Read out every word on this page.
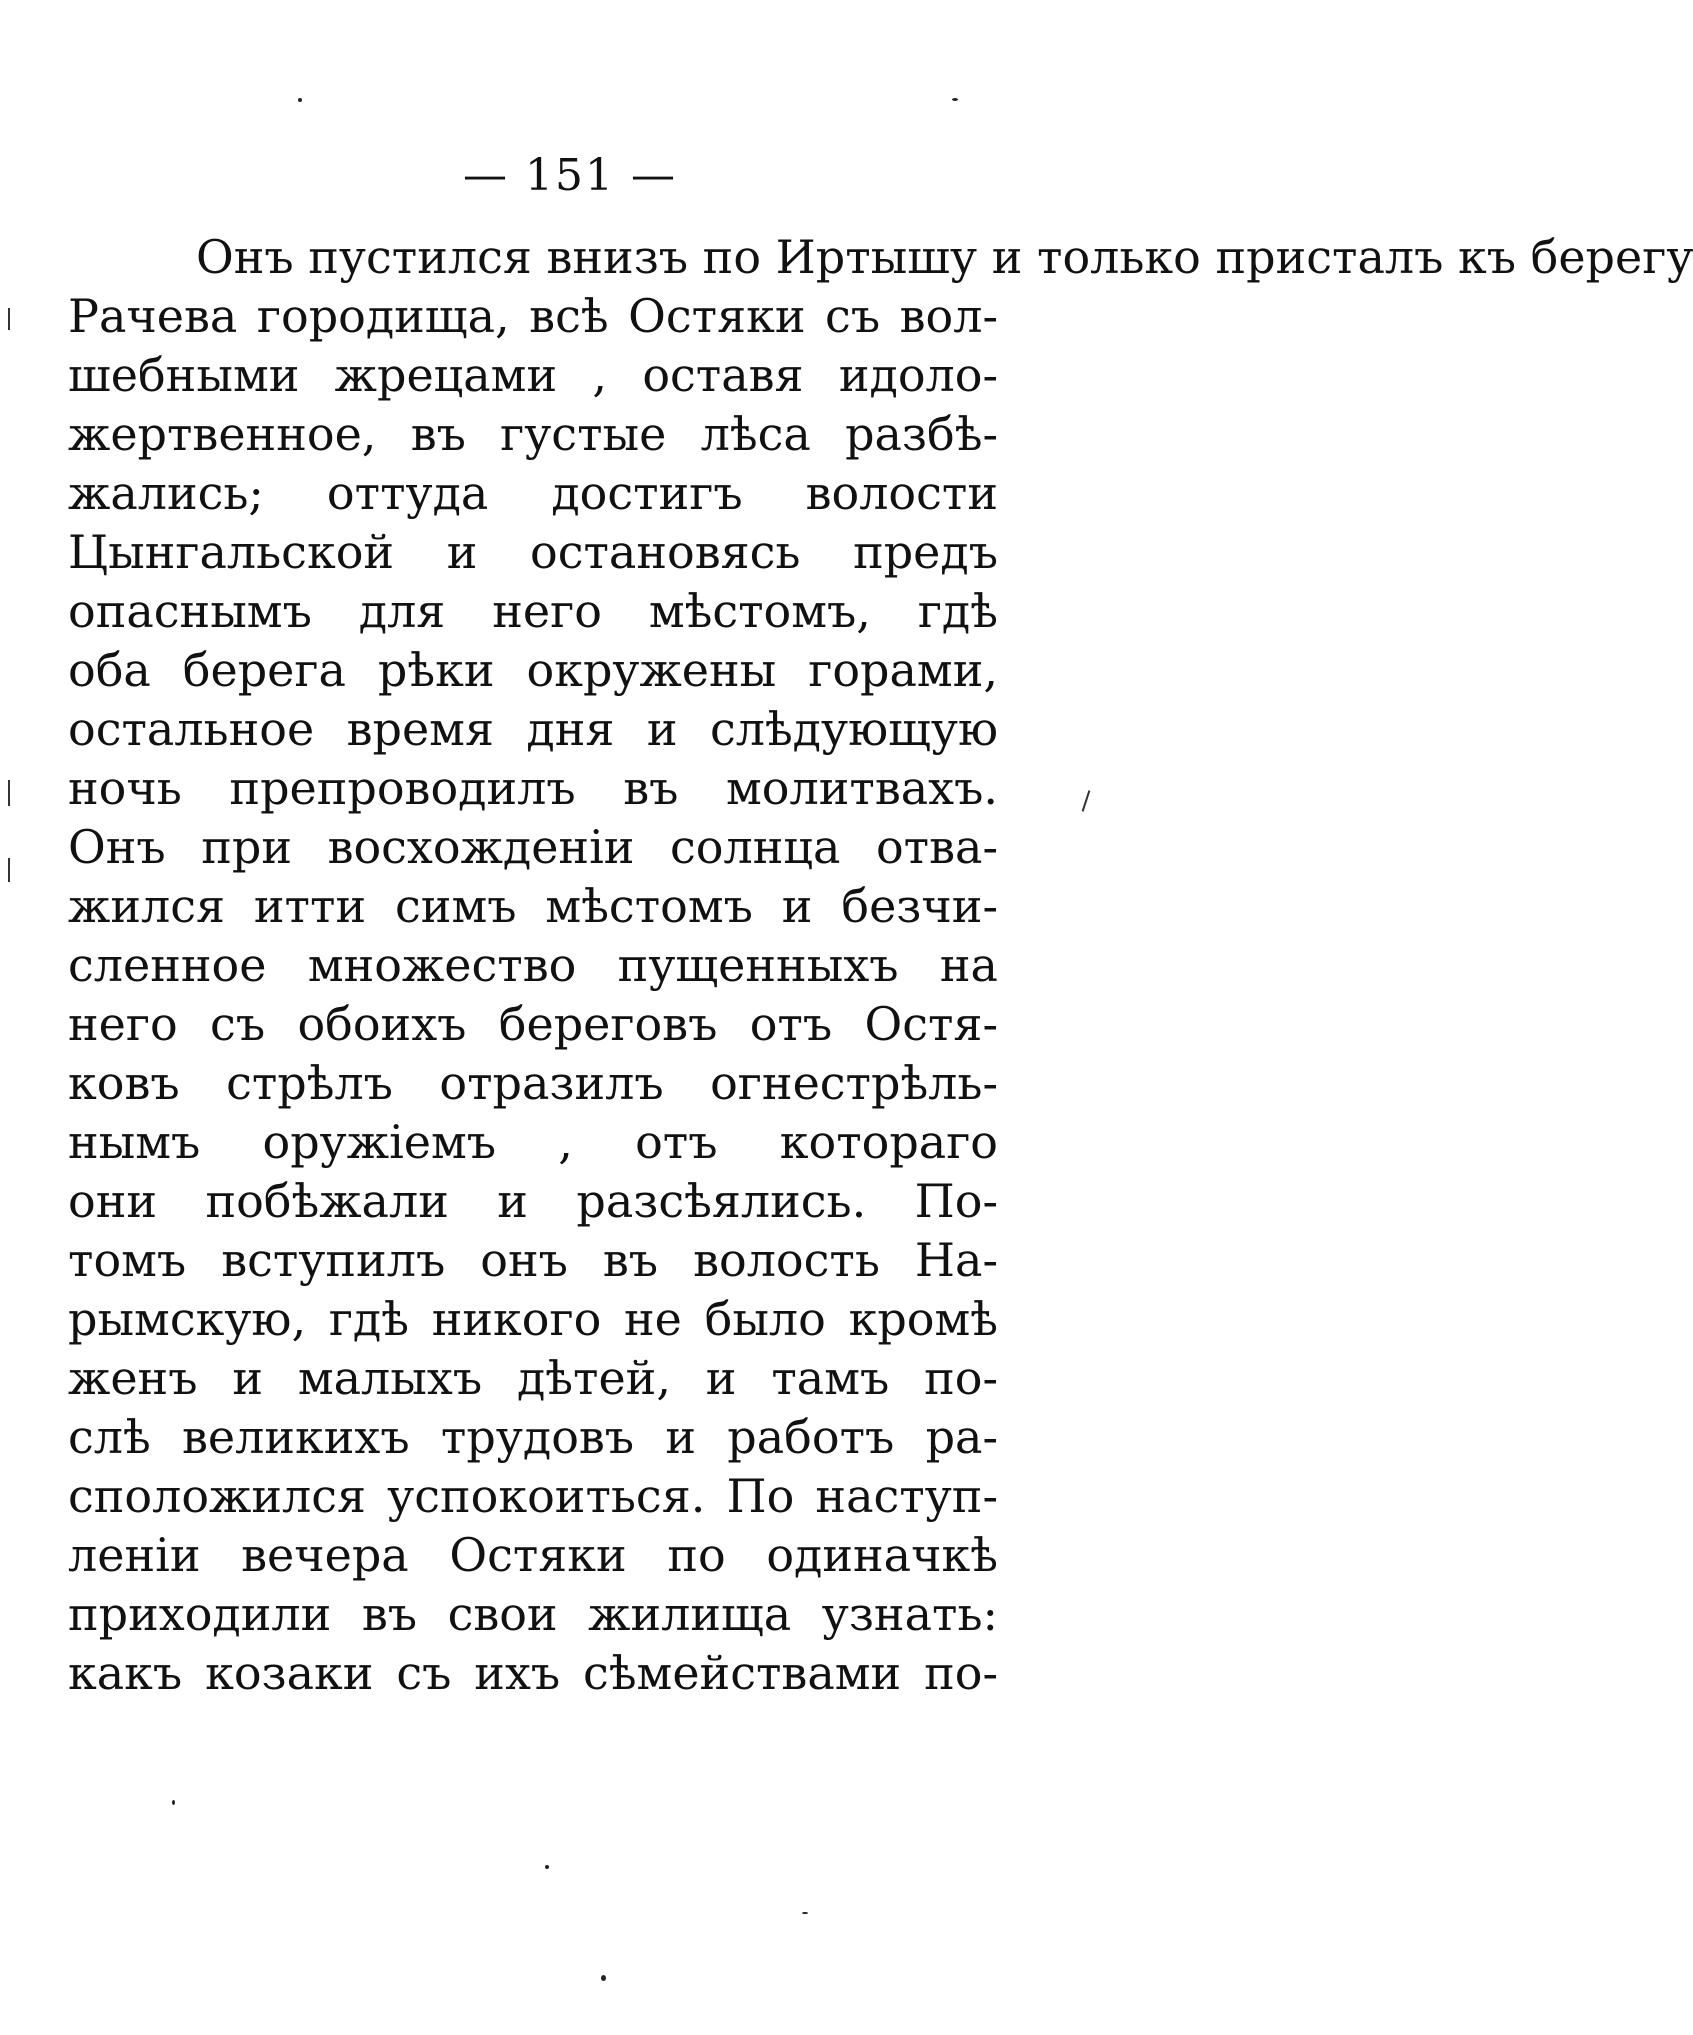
— 151 —
Онъ пустился внизъ по Иртышу и только присталъ къ берегу
Рачева городища, всѣ Остяки съ вол-
шебными жрецами , оставя идоло-
жертвенное, въ густые лѣса разбѣ-
жались; оттуда достигъ волости
Цынгальской и остановясь предъ
опаснымъ для него мѣстомъ, гдѣ
оба берега рѣки окружены горами,
остальное время дня и слѣдующую
ночь препроводилъ въ молитвахъ.
Онъ при восхожденiи солнца отва-
жился итти симъ мѣстомъ и безчи-
сленное множество пущенныхъ на
него съ обоихъ береговъ отъ Остя-
ковъ стрѣлъ отразилъ огнестрѣль-
нымъ оружiемъ , отъ котораго
они побѣжали и разсѣялись. По-
томъ вступилъ онъ въ волость На-
рымскую, гдѣ никого не было кромѣ
женъ и малыхъ дѣтей, и тамъ по-
слѣ великихъ трудовъ и работъ ра-
сположился успокоиться. По наступ-
ленiи вечера Остяки по одиначкѣ
приходили въ свои жилища узнать:
какъ козаки съ ихъ сѣмействами по-
